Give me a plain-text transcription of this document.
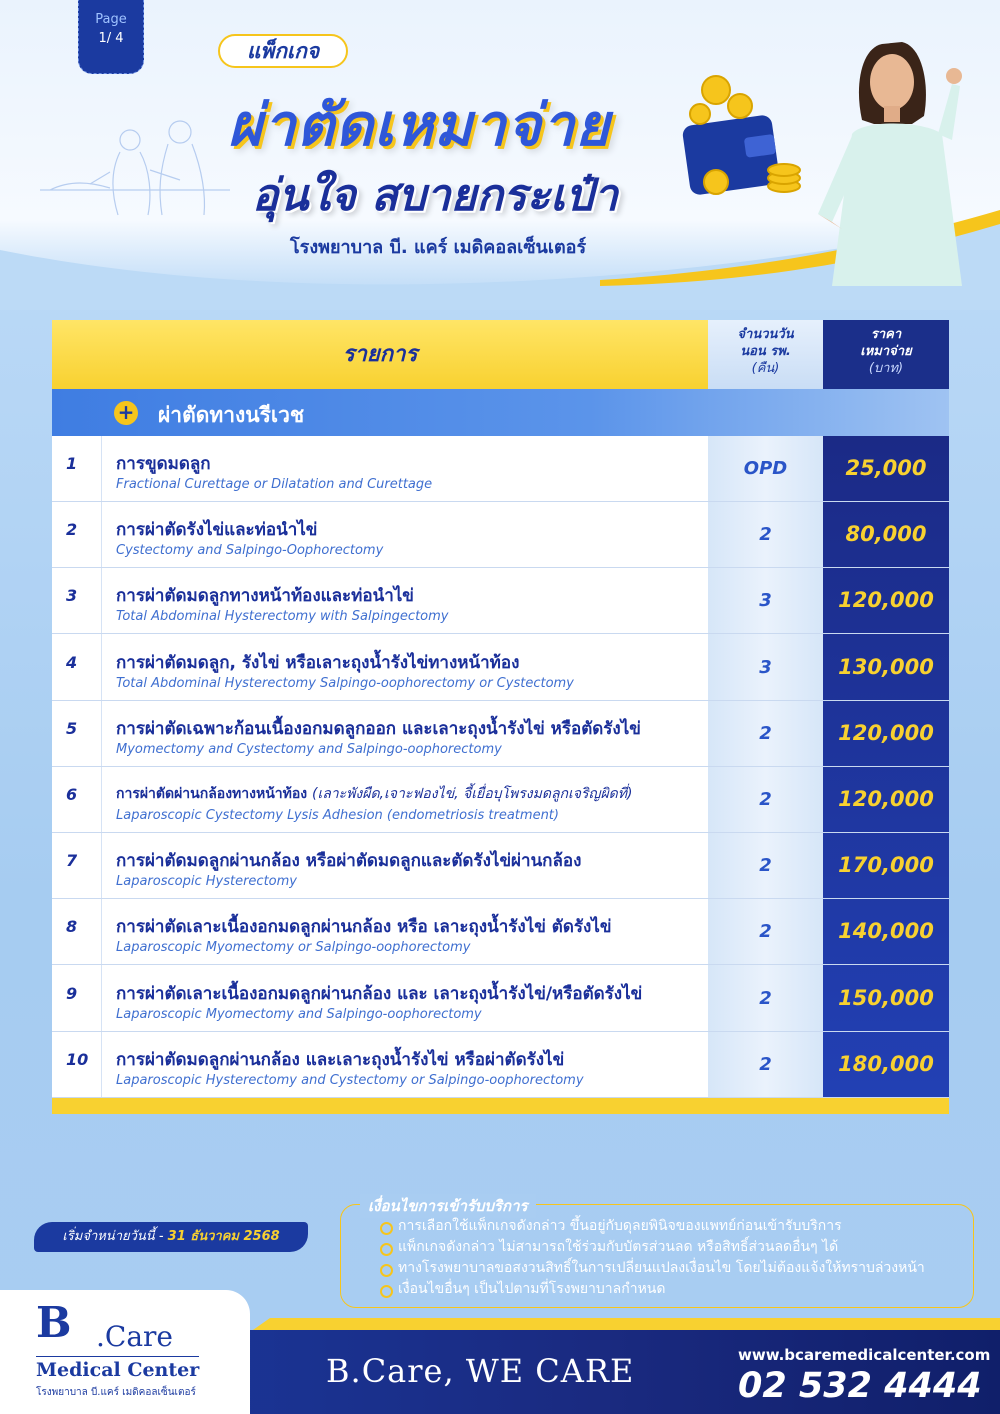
Page
1/ 4
แพ็กเกจ
ผ่าตัดเหมาจ่าย
อุ่นใจ สบายกระเป๋า
โรงพยาบาล บี. แคร์ เมดิคอลเซ็นเตอร์
รายการ
จำนวนวัน
นอน รพ.
(คืน)
ราคา
เหมาจ่าย
(บาท)
+ ผ่าตัดทางนรีเวช
1 การขูดมดลูก
Fractional Curettage or Dilatation and Curettage
OPD	25,000
2 การผ่าตัดรังไข่และท่อนำไข่
Cystectomy and Salpingo-Oophorectomy
2	80,000
3 การผ่าตัดมดลูกทางหน้าท้องและท่อนำไข่
Total Abdominal Hysterectomy with Salpingectomy
3	120,000
4 การผ่าตัดมดลูก, รังไข่ หรือเลาะถุงน้ำรังไข่ทางหน้าท้อง
Total Abdominal Hysterectomy Salpingo-oophorectomy or Cystectomy
3	130,000
5 การผ่าตัดเฉพาะก้อนเนื้องอกมดลูกออก และเลาะถุงน้ำรังไข่ หรือตัดรังไข่
Myomectomy and Cystectomy and Salpingo-oophorectomy
2	120,000
6	การผ่าตัดผ่านกล้องทางหน้าท้อง (เลาะพังผืด,เจาะฟองไข่, จี้เยื่อบุโพรงมดลูกเจริญผิดที่)
Laparoscopic Cystectomy Lysis Adhesion (endometriosis treatment)
2	120,000
7 การผ่าตัดมดลูกผ่านกล้อง หรือผ่าตัดมดลูกและตัดรังไข่ผ่านกล้อง
Laparoscopic Hysterectomy
2	170,000
8 การผ่าตัดเลาะเนื้องอกมดลูกผ่านกล้อง หรือ เลาะถุงน้ำรังไข่ ตัดรังไข่
Laparoscopic Myomectomy or Salpingo-oophorectomy
2	140,000
9 การผ่าตัดเลาะเนื้องอกมดลูกผ่านกล้อง และ เลาะถุงน้ำรังไข่/หรือตัดรังไข่
Laparoscopic Myomectomy and Salpingo-oophorectomy
2	150,000
10 การผ่าตัดมดลูกผ่านกล้อง และเลาะถุงน้ำรังไข่ หรือผ่าตัดรังไข่
Laparoscopic Hysterectomy and Cystectomy or Salpingo-oophorectomy
2	180,000
เริ่มจำหน่ายวันนี้ - 31 ธันวาคม 2568
เงื่อนไขการเข้ารับบริการ
การเลือกใช้แพ็กเกจดังกล่าว ขึ้นอยู่กับดุลยพินิจของแพทย์ก่อนเข้ารับบริการ
แพ็กเกจดังกล่าว ไม่สามารถใช้ร่วมกับบัตรส่วนลด หรือสิทธิ์ส่วนลดอื่นๆ ได้
ทางโรงพยาบาลขอสงวนสิทธิ์ในการเปลี่ยนแปลงเงื่อนไข โดยไม่ต้องแจ้งให้ทราบล่วงหน้า
เงื่อนไขอื่นๆ เป็นไปตามที่โรงพยาบาลกำหนด
B .Care
Medical Center
โรงพยาบาล บี.แคร์ เมดิคอลเซ็นเตอร์
B.Care, WE CARE	www.bcaremedicalcenter.com
02 532 4444
